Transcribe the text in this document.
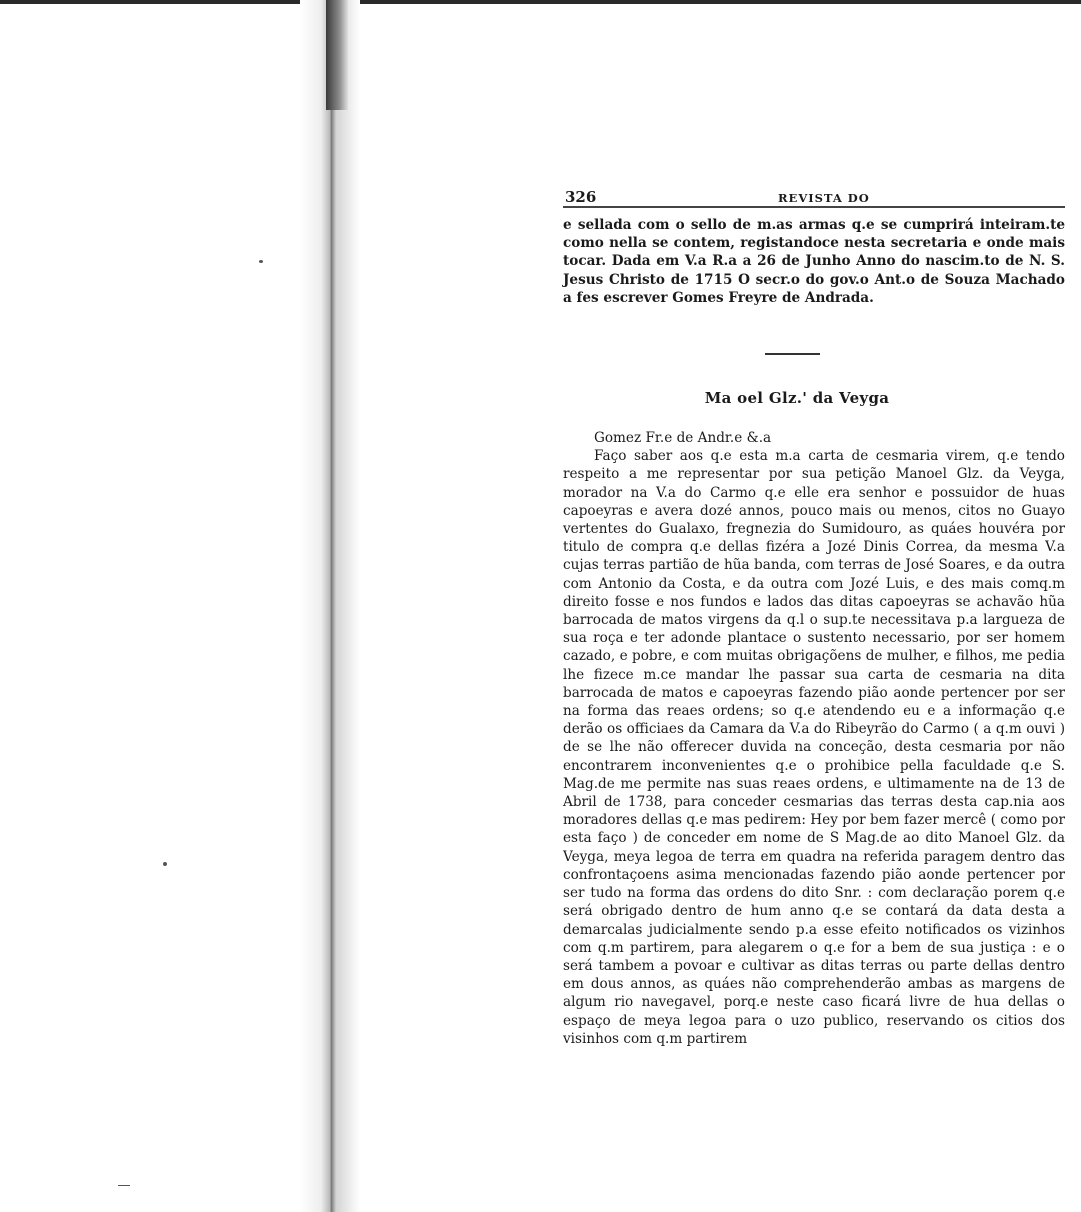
326	REVISTA DO

e sellada com o sello de m.as armas q.e se cumprirá inteiram.te como nella se contem, registandoce nesta secretaria e onde mais tocar. Dada em V.a R.a a 26 de Junho Anno do nascim.to de N. S. Jesus Christo de 1715 O secr.o do gov.o Ant.o de Souza Machado a fes escrever Gomes Freyre de Andrada.

Ma oel Glz.' da Veyga

Gomez Fr.e de Andr.e &.a

Faço saber aos q.e esta m.a carta de cesmaria virem, q.e tendo respeito a me representar por sua petição Manoel Glz. da Veyga, morador na V.a do Carmo q.e elle era senhor e possuidor de huas capoeyras e avera dozé annos, pouco mais ou menos, citos no Guayo vertentes do Gualaxo, fregnezia do Sumidouro, as quáes houvéra por titulo de compra q.e dellas fizéra a Jozé Dinis Correa, da mesma V.a cujas terras partião de hũa banda, com terras de José Soares, e da outra com Antonio da Costa, e da outra com Jozé Luis, e des mais comq.m direito fosse e nos fundos e lados das ditas capoeyras se achavão hũa barrocada de matos virgens da q.l o sup.te necessitava p.a largueza de sua roça e ter adonde plantace o sustento necessario, por ser homem cazado, e pobre, e com muitas obrigaçõens de mulher, e filhos, me pedia lhe fizece m.ce mandar lhe passar sua carta de cesmaria na dita barrocada de matos e capoeyras fazendo pião aonde pertencer por ser na forma das reaes ordens; so q.e atendendo eu e a informação q.e derão os officiaes da Camara da V.a do Ribeyrão do Carmo ( a q.m ouvi ) de se lhe não offerecer duvida na conceção, desta cesmaria por não encontrarem inconvenientes q.e o prohibice pella faculdade q.e S. Mag.de me permite nas suas reaes ordens, e ultimamente na de 13 de Abril de 1738, para conceder cesmarias das terras desta cap.nia aos moradores dellas q.e mas pedirem: Hey por bem fazer mercê ( como por esta faço ) de conceder em nome de S Mag.de ao dito Manoel Glz. da Veyga, meya legoa de terra em quadra na referida paragem dentro das confrontaçoens asima mencionadas fazendo pião aonde pertencer por ser tudo na forma das ordens do dito Snr. : com declaração porem q.e será obrigado dentro de hum anno q.e se contará da data desta a demarcalas judicialmente sendo p.a esse efeito notificados os vizinhos com q.m partirem, para alegarem o q.e for a bem de sua justiça : e o será tambem a povoar e cultivar as ditas terras ou parte dellas dentro em dous annos, as quáes não comprehenderão ambas as margens de algum rio navegavel, porq.e neste caso ficará livre de hua dellas o espaço de meya legoa para o uzo publico, reservando os citios dos visinhos com q.m partirem
